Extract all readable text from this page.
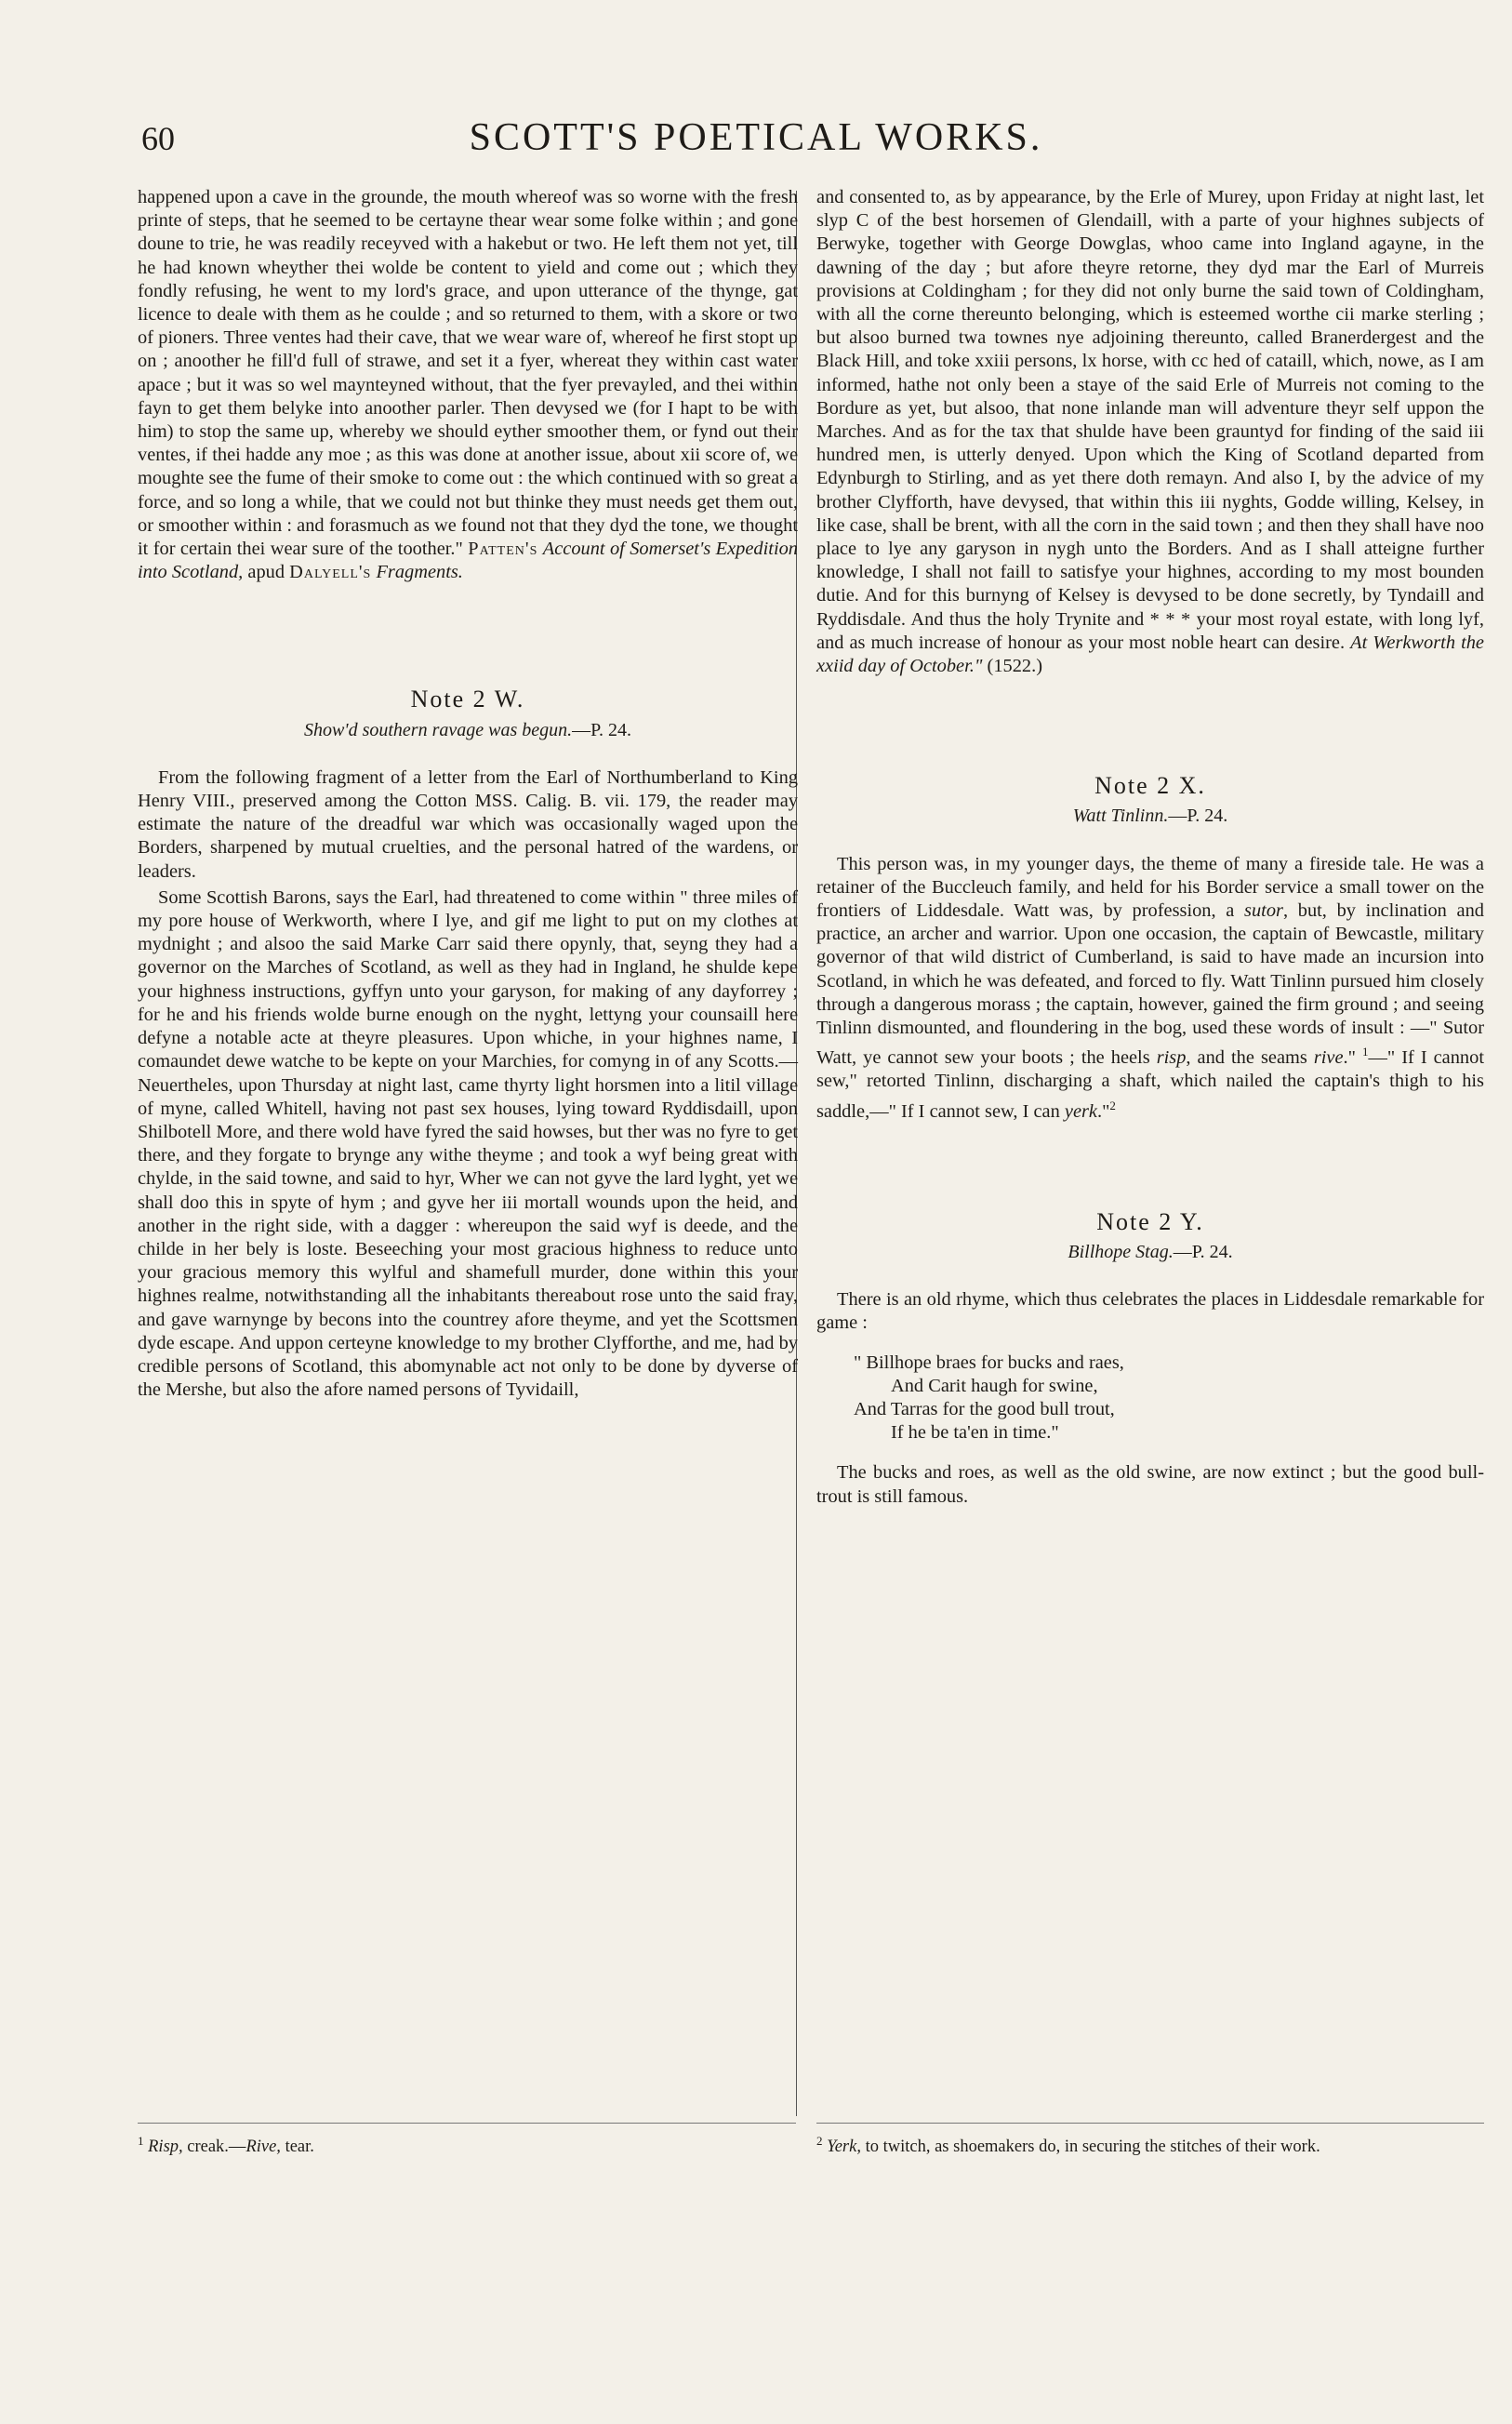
60	SCOTT'S POETICAL WORKS.

happened upon a cave in the grounde, the mouth whereof was so worne with the fresh printe of steps, that he seemed to be certayne thear wear some folke within ; and gone doune to trie, he was readily receyved with a hakebut or two. He left them not yet, till he had known wheyther thei wolde be content to yield and come out ; which they fondly refusing, he went to my lord's grace, and upon utterance of the thynge, gat licence to deale with them as he coulde ; and so returned to them, with a skore or two of pioners. Three ventes had their cave, that we wear ware of, whereof he first stopt up on ; anoother he fill'd full of strawe, and set it a fyer, whereat they within cast water apace ; but it was so wel maynteyned without, that the fyer prevayled, and thei within fayn to get them belyke into anoother parler. Then devysed we (for I hapt to be with him) to stop the same up, whereby we should eyther smoother them, or fynd out their ventes, if thei hadde any moe ; as this was done at another issue, about xii score of, we moughte see the fume of their smoke to come out : the which continued with so great a force, and so long a while, that we could not but thinke they must needs get them out, or smoother within : and forasmuch as we found not that they dyd the tone, we thought it for certain thei wear sure of the toother." Patten's Account of Somerset's Expedition into Scotland, apud Dalyell's Fragments.

Note 2 W.

Show'd southern ravage was begun.—P. 24.

From the following fragment of a letter from the Earl of Northumberland to King Henry VIII., preserved among the Cotton MSS. Calig. B. vii. 179, the reader may estimate the nature of the dreadful war which was occasionally waged upon the Borders, sharpened by mutual cruelties, and the personal hatred of the wardens, or leaders.

Some Scottish Barons, says the Earl, had threatened to come within " three miles of my pore house of Werkworth, where I lye, and gif me light to put on my clothes at mydnight ; and alsoo the said Marke Carr said there opynly, that, seyng they had a governor on the Marches of Scotland, as well as they had in Ingland, he shulde kepe your highness instructions, gyffyn unto your garyson, for making of any dayforrey ; for he and his friends wolde burne enough on the nyght, lettyng your counsaill here defyne a notable acte at theyre pleasures. Upon whiche, in your highnes name, I comaundet dewe watche to be kepte on your Marchies, for comyng in of any Scotts.—Neuertheles, upon Thursday at night last, came thyrty light horsmen into a litil village of myne, called Whitell, having not past sex houses, lying toward Ryddisdaill, upon Shilbotell More, and there wold have fyred the said howses, but ther was no fyre to get there, and they forgate to brynge any withe theyme ; and took a wyf being great with chylde, in the said towne, and said to hyr, Wher we can not gyve the lard lyght, yet we shall doo this in spyte of hym ; and gyve her iii mortall wounds upon the heid, and another in the right side, with a dagger : whereupon the said wyf is deede, and the childe in her bely is loste. Beseeching your most gracious highness to reduce unto your gracious memory this wylful and shamefull murder, done within this your highnes realme, notwithstanding all the inhabitants thereabout rose unto the said fray, and gave warnynge by becons into the countrey afore theyme, and yet the Scottsmen dyde escape. And uppon certeyne knowledge to my brother Clyfforthe, and me, had by credible persons of Scotland, this abomynable act not only to be done by dyverse of the Mershe, but also the afore named persons of Tyvidaill,

$^1$ Risp, creak.—Rive, tear.

and consented to, as by appearance, by the Erle of Murey, upon Friday at night last, let slyp C of the best horsemen of Glendaill, with a parte of your highnes subjects of Berwyke, together with George Dowglas, whoo came into Ingland agayne, in the dawning of the day ; but afore theyre retorne, they dyd mar the Earl of Murreis provisions at Coldingham ; for they did not only burne the said town of Coldingham, with all the corne thereunto belonging, which is esteemed worthe cii marke sterling ; but alsoo burned twa townes nye adjoining thereunto, called Branerdergest and the Black Hill, and toke xxiii persons, lx horse, with cc hed of cataill, which, nowe, as I am informed, hathe not only been a staye of the said Erle of Murreis not coming to the Bordure as yet, but alsoo, that none inlande man will adventure theyr self uppon the Marches. And as for the tax that shulde have been grauntyd for finding of the said iii hundred men, is utterly denyed. Upon which the King of Scotland departed from Edynburgh to Stirling, and as yet there doth remayn. And also I, by the advice of my brother Clyfforth, have devysed, that within this iii nyghts, Godde willing, Kelsey, in like case, shall be brent, with all the corn in the said town ; and then they shall have noo place to lye any garyson in nygh unto the Borders. And as I shall atteigne further knowledge, I shall not faill to satisfye your highnes, according to my most bounden dutie. And for this burnyng of Kelsey is devysed to be done secretly, by Tyndaill and Ryddisdale. And thus the holy Trynite and * * * your most royal estate, with long lyf, and as much increase of honour as your most noble heart can desire. At Werkworth the xxiid day of October." (1522.)

Note 2 X.

Watt Tinlinn.—P. 24.

This person was, in my younger days, the theme of many a fireside tale. He was a retainer of the Buccleuch family, and held for his Border service a small tower on the frontiers of Liddesdale. Watt was, by profession, a sutor, but, by inclination and practice, an archer and warrior. Upon one occasion, the captain of Bewcastle, military governor of that wild district of Cumberland, is said to have made an incursion into Scotland, in which he was defeated, and forced to fly. Watt Tinlinn pursued him closely through a dangerous morass ; the captain, however, gained the firm ground ; and seeing Tinlinn dismounted, and floundering in the bog, used these words of insult : —" Sutor Watt, ye cannot sew your boots ; the heels risp, and the seams rive." $^1$—" If I cannot sew," retorted Tinlinn, discharging a shaft, which nailed the captain's thigh to his saddle,—" If I cannot sew, I can yerk."$^2$

Note 2 Y.

Billhope Stag.—P. 24.

There is an old rhyme, which thus celebrates the places in Liddesdale remarkable for game :

" Billhope braes for bucks and raes,
And Carit haugh for swine,
And Tarras for the good bull trout,
If he be ta'en in time."

The bucks and roes, as well as the old swine, are now extinct ; but the good bull-trout is still famous.

$^2$ Yerk, to twitch, as shoemakers do, in securing the stitches of their work.
